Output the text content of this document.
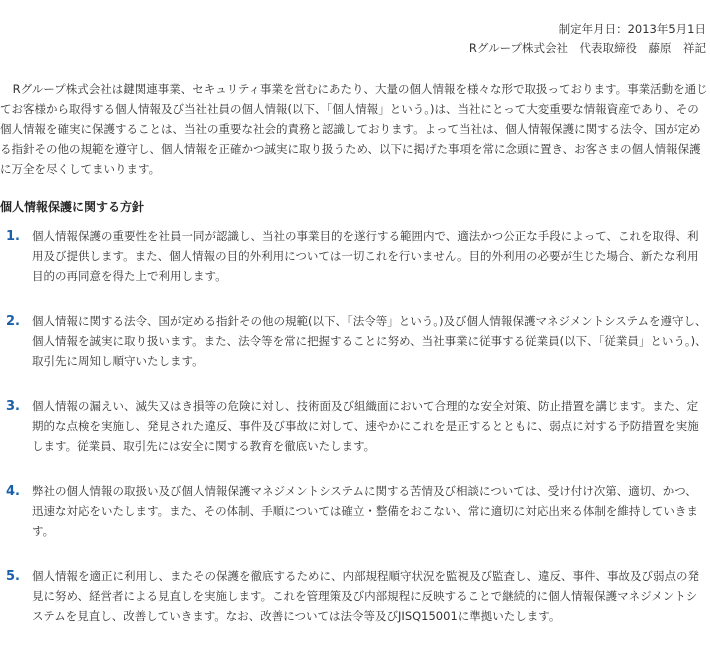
制定年月日：2013年5月1日
Rグループ株式会社　代表取締役　藤原　祥記

Rグループ株式会社は鍵関連事業、セキュリティ事業を営むにあたり、大量の個人情報を様々な形で取扱っております。事業活動を通じてお客様から取得する個人情報及び当社社員の個人情報(以下、「個人情報」という。)は、当社にとって大変重要な情報資産であり、その個人情報を確実に保護することは、当社の重要な社会的責務と認識しております。よって当社は、個人情報保護に関する法令、国が定める指針その他の規範を遵守し、個人情報を正確かつ誠実に取り扱うため、以下に掲げた事項を常に念頭に置き、お客さまの個人情報保護に万全を尽くしてまいります。

個人情報保護に関する方針
1.	個人情報保護の重要性を社員一同が認識し、当社の事業目的を遂行する範囲内で、適法かつ公正な手段によって、これを取得、利用及び提供します。また、個人情報の目的外利用については一切これを行いません。目的外利用の必要が生じた場合、新たな利用目的の再同意を得た上で利用します。

2.	個人情報に関する法令、国が定める指針その他の規範(以下、「法令等」という。)及び個人情報保護マネジメントシステムを遵守し、個人情報を誠実に取り扱います。また、法令等を常に把握することに努め、当社事業に従事する従業員(以下、「従業員」という。)、取引先に周知し順守いたします。

3.	個人情報の漏えい、滅失又はき損等の危険に対し、技術面及び組織面において合理的な安全対策、防止措置を講じます。また、定期的な点検を実施し、発見された違反、事件及び事故に対して、速やかにこれを是正するとともに、弱点に対する予防措置を実施します。従業員、取引先には安全に関する教育を徹底いたします。

4.	弊社の個人情報の取扱い及び個人情報保護マネジメントシステムに関する苦情及び相談については、受け付け次第、適切、かつ、迅速な対応をいたします。また、その体制、手順については確立・整備をおこない、常に適切に対応出来る体制を維持していきます。

5.	個人情報を適正に利用し、またその保護を徹底するために、内部規程順守状況を監視及び監査し、違反、事件、事故及び弱点の発見に努め、経営者による見直しを実施します。これを管理策及び内部規程に反映することで継続的に個人情報保護マネジメントシステムを見直し、改善していきます。なお、改善については法令等及びJISQ15001に準拠いたします。
